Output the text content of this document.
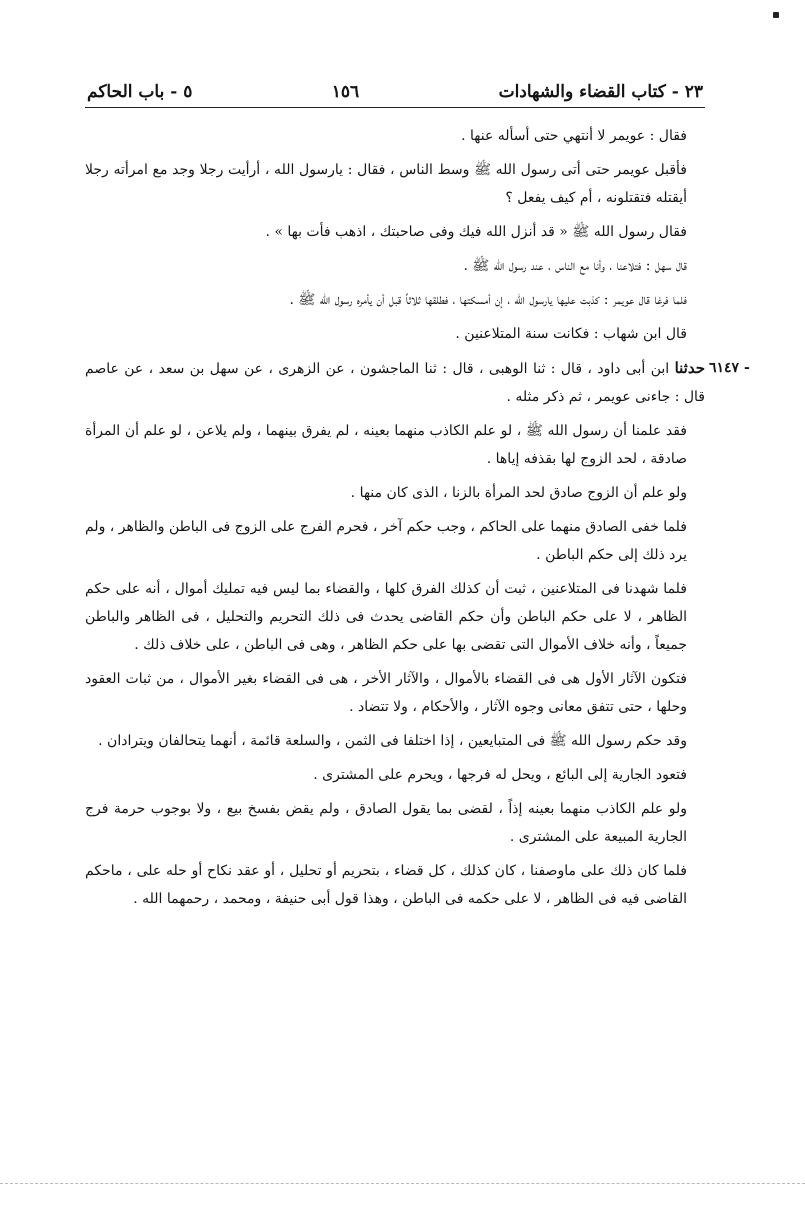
٢٣ - كتاب القضاء والشهادات
١٥٦
٥ - باب الحاكم

فقال : عويمر لا أنتهي حتى أسأله عنها .

فأقبل عويمر حتى أتى رسول الله ﷺ وسط الناس ، فقال : يارسول الله ، أرأيت رجلا وجد مع امرأته رجلا أيقتله فتقتلونه ، أم كيف يفعل ؟

فقال رسول الله ﷺ « قد أنزل الله فيك وفى صاحبتك ، اذهب فأت بها » .

قال سهل : فتلاعنا ، وأنا مع الناس ، عند رسول الله ﷺ .

فلما فرغا قال عويمر : كذبت عليها يارسول الله ، إن أمسكتها ، فطلقها ثلاثاً قبل أن يأمره رسول الله ﷺ .

قال ابن شهاب : فكانت سنة المتلاعنين .

٦١٤٧ -
حدثنا ابن أبى داود ، قال : ثنا الوهبى ، قال : ثنا الماجشون ، عن الزهرى ، عن سهل بن سعد ، عن عاصم قال : جاءنى عويمر ، ثم ذكر مثله .

فقد علمنا أن رسول الله ﷺ ، لو علم الكاذب منهما بعينه ، لم يفرق بينهما ، ولم يلاعن ، لو علم أن المرأة صادقة ، لحد الزوج لها بقذفه إياها .

ولو علم أن الزوج صادق لحد المرأة بالزنا ، الذى كان منها .

فلما خفى الصادق منهما على الحاكم ، وجب حكم آخر ، فحرم الفرج على الزوج فى الباطن والظاهر ، ولم يرد ذلك إلى حكم الباطن .

فلما شهدنا فى المتلاعنين ، ثبت أن كذلك الفرق كلها ، والقضاء بما ليس فيه تمليك أموال ، أنه على حكم الظاهر ، لا على حكم الباطن وأن حكم القاضى يحدث فى ذلك التحريم والتحليل ، فى الظاهر والباطن جميعاً ، وأنه خلاف الأموال التى تقضى بها على حكم الظاهر ، وهى فى الباطن ، على خلاف ذلك .

فتكون الآثار الأول هى فى القضاء بالأموال ، والآثار الأخر ، هى فى القضاء بغير الأموال ، من ثبات العقود وحلها ، حتى تتفق معانى وجوه الآثار ، والأحكام ، ولا تتضاد .

وقد حكم رسول الله ﷺ فى المتبايعين ، إذا اختلفا فى الثمن ، والسلعة قائمة ، أنهما يتحالفان ويترادان .

فتعود الجارية إلى البائع ، ويحل له فرجها ، ويحرم على المشترى .

ولو علم الكاذب منهما بعينه إذاً ، لقضى بما يقول الصادق ، ولم يقض بفسخ بيع ، ولا بوجوب حرمة فرج الجارية المبيعة على المشترى .

فلما كان ذلك على ماوصفنا ، كان كذلك ، كل قضاء ، بتحريم أو تحليل ، أو عقد نكاح أو حله على ، ماحكم القاضى فيه فى الظاهر ، لا على حكمه فى الباطن ، وهذا قول أبى حنيفة ، ومحمد ، رحمهما الله .
